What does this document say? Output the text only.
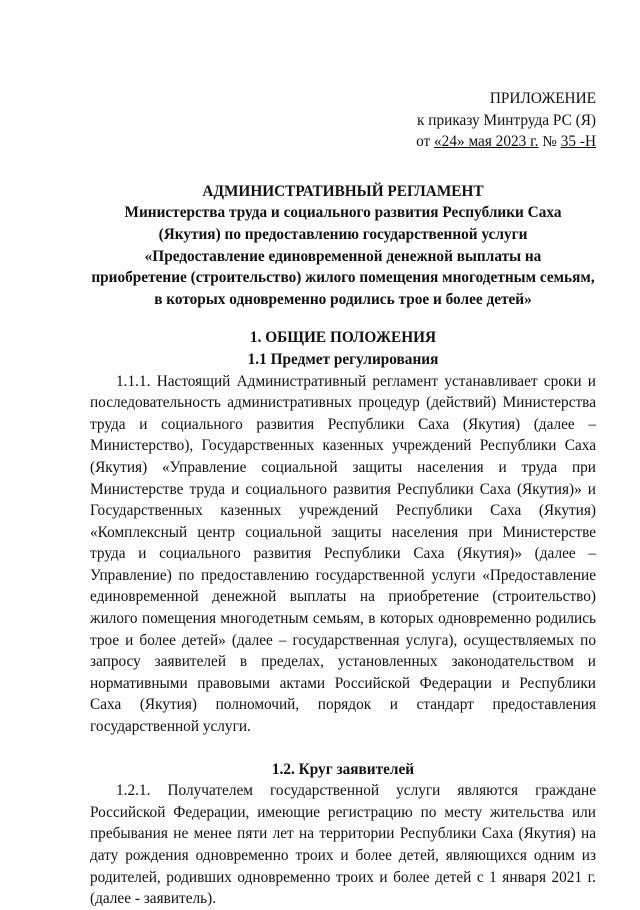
ПРИЛОЖЕНИЕ
к приказу Минтруда РС (Я)
от «24» мая 2023 г. № 35 -Н
АДМИНИСТРАТИВНЫЙ РЕГЛАМЕНТ
Министерства труда и социального развития Республики Саха
(Якутия) по предоставлению государственной услуги
«Предоставление единовременной денежной выплаты на
приобретение (строительство) жилого помещения многодетным семьям,
в которых одновременно родились трое и более детей»
1. ОБЩИЕ ПОЛОЖЕНИЯ
1.1 Предмет регулирования

1.1.1. Настоящий Административный регламент устанавливает сроки и последовательность административных процедур (действий) Министерства труда и социального развития Республики Саха (Якутия) (далее – Министерство), Государственных казенных учреждений Республики Саха (Якутия) «Управление социальной защиты населения и труда при Министерстве труда и социального развития Республики Саха (Якутия)» и Государственных казенных учреждений Республики Саха (Якутия) «Комплексный центр социальной защиты населения при Министерстве труда и социального развития Республики Саха (Якутия)» (далее – Управление) по предоставлению государственной услуги «Предоставление единовременной денежной выплаты на приобретение (строительство) жилого помещения многодетным семьям, в которых одновременно родились трое и более детей» (далее – государственная услуга), осуществляемых по запросу заявителей в пределах, установленных законодательством и нормативными правовыми актами Российской Федерации и Республики Саха (Якутия) полномочий, порядок и стандарт предоставления государственной услуги.

1.2. Круг заявителей

1.2.1. Получателем государственной услуги являются граждане Российской Федерации, имеющие регистрацию по месту жительства или пребывания не менее пяти лет на территории Республики Саха (Якутия) на дату рождения одновременно троих и более детей, являющихся одним из родителей, родивших одновременно троих и более детей с 1 января 2021 г. (далее - заявитель).
